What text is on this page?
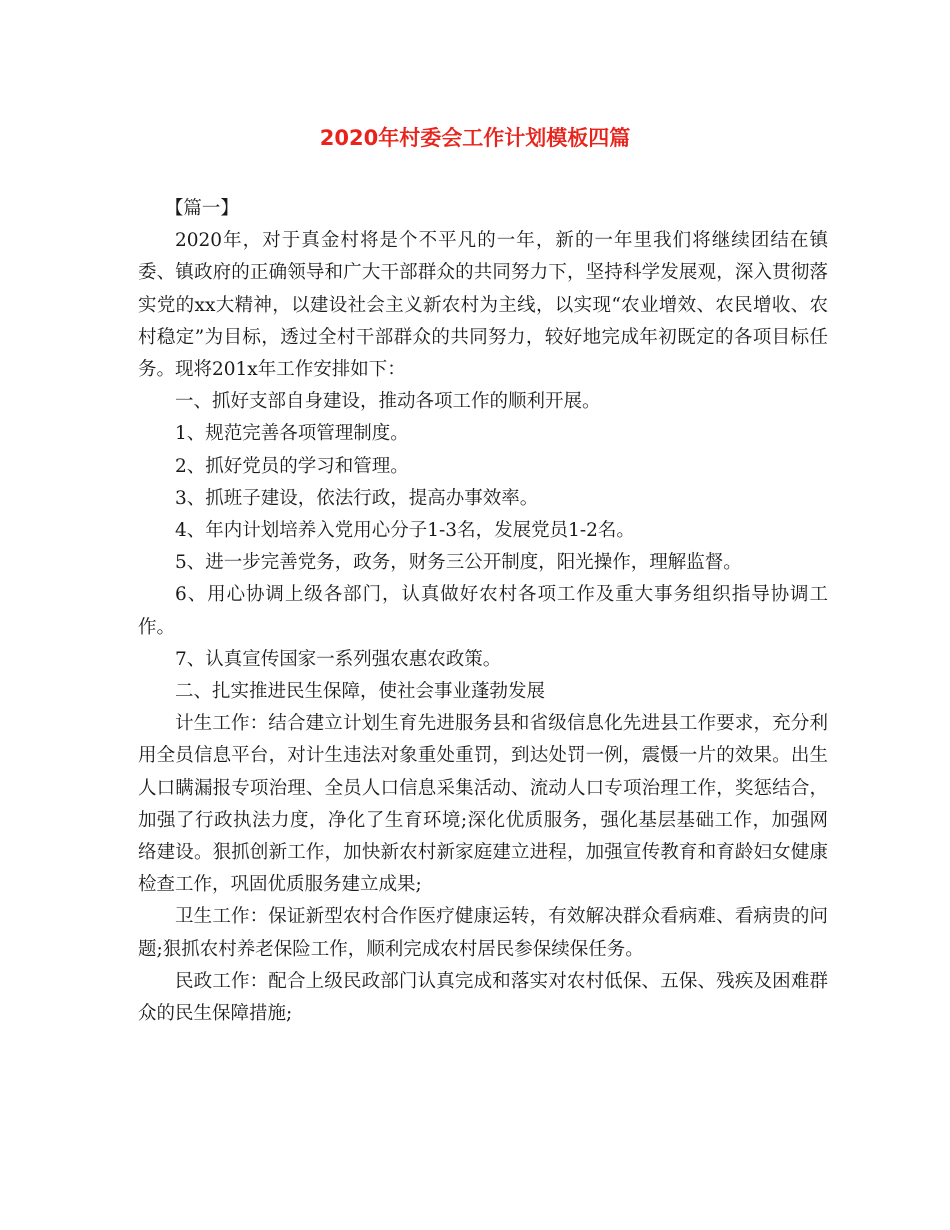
2020年村委会工作计划模板四篇

【篇一】

2020年，对于真金村将是个不平凡的一年，新的一年里我们将继续团结在镇委、镇政府的正确领导和广大干部群众的共同努力下，坚持科学发展观，深入贯彻落实党的xx大精神，以建设社会主义新农村为主线，以实现“农业增效、农民增收、农村稳定”为目标，透过全村干部群众的共同努力，较好地完成年初既定的各项目标任务。现将201x年工作安排如下：

一、抓好支部自身建设，推动各项工作的顺利开展。

1、规范完善各项管理制度。

2、抓好党员的学习和管理。

3、抓班子建设，依法行政，提高办事效率。

4、年内计划培养入党用心分子1-3名，发展党员1-2名。

5、进一步完善党务，政务，财务三公开制度，阳光操作，理解监督。

6、用心协调上级各部门，认真做好农村各项工作及重大事务组织指导协调工作。

7、认真宣传国家一系列强农惠农政策。

二、扎实推进民生保障，使社会事业蓬勃发展

计生工作：结合建立计划生育先进服务县和省级信息化先进县工作要求，充分利用全员信息平台，对计生违法对象重处重罚，到达处罚一例，震慑一片的效果。出生人口瞒漏报专项治理、全员人口信息采集活动、流动人口专项治理工作，奖惩结合，加强了行政执法力度，净化了生育环境;深化优质服务，强化基层基础工作，加强网络建设。狠抓创新工作，加快新农村新家庭建立进程，加强宣传教育和育龄妇女健康检查工作，巩固优质服务建立成果;

卫生工作：保证新型农村合作医疗健康运转，有效解决群众看病难、看病贵的问题;狠抓农村养老保险工作，顺利完成农村居民参保续保任务。

民政工作：配合上级民政部门认真完成和落实对农村低保、五保、残疾及困难群众的民生保障措施;
